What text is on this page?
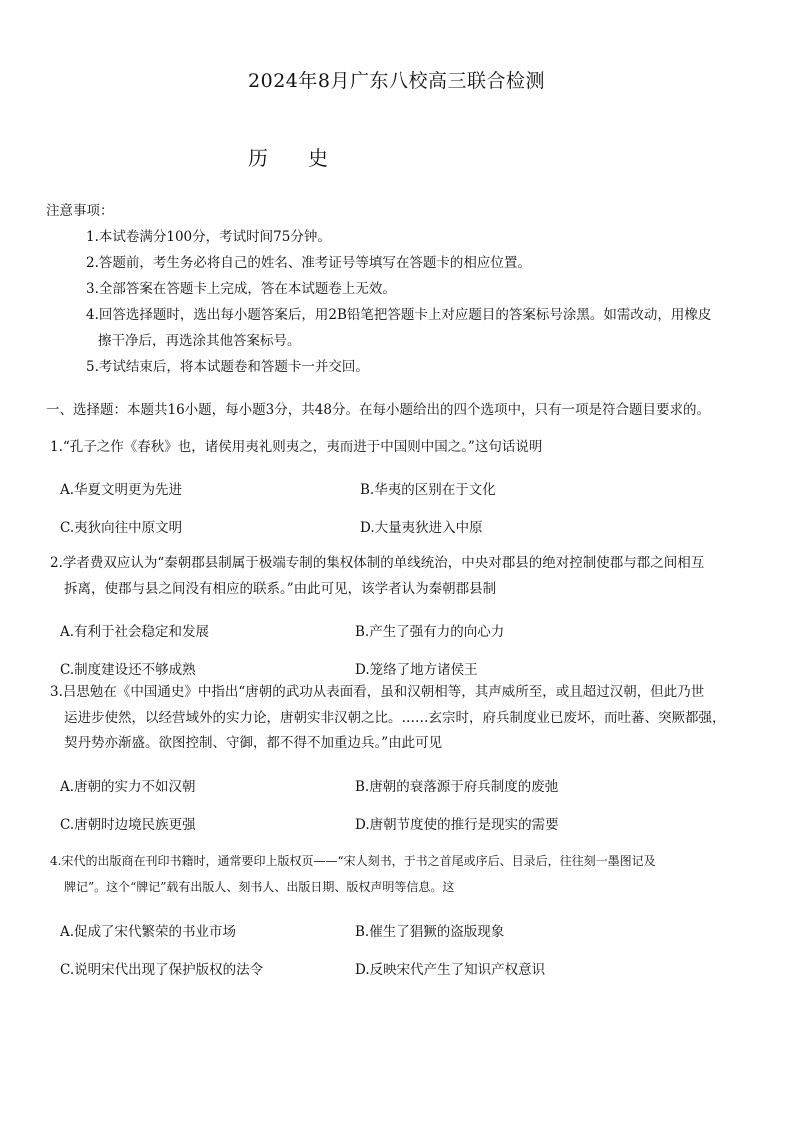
2024年8月广东八校高三联合检测
历史
注意事项：
1.本试卷满分100分，考试时间75分钟。
2.答题前，考生务必将自己的姓名、准考证号等填写在答题卡的相应位置。
3.全部答案在答题卡上完成，答在本试题卷上无效。
4.回答选择题时，选出每小题答案后，用2B铅笔把答题卡上对应题目的答案标号涂黑。如需改动，用橡皮
擦干净后，再选涂其他答案标号。
5.考试结束后，将本试题卷和答题卡一并交回。
一、选择题：本题共16小题，每小题3分，共48分。在每小题给出的四个选项中，只有一项是符合题目要求的。
1.“孔子之作《春秋》也，诸侯用夷礼则夷之，夷而进于中国则中国之。”这句话说明
A.华夏文明更为先进	B.华夷的区别在于文化
C.夷狄向往中原文明	D.大量夷狄进入中原
2.学者费双应认为“秦朝郡县制属于极端专制的集权体制的单线统治，中央对郡县的绝对控制使郡与郡之间相互
拆离，使郡与县之间没有相应的联系。”由此可见，该学者认为秦朝郡县制
A.有利于社会稳定和发展	B.产生了强有力的向心力
C.制度建设还不够成熟	D.笼络了地方诸侯王
3.吕思勉在《中国通史》中指出“唐朝的武功从表面看，虽和汉朝相等，其声威所至，或且超过汉朝，但此乃世
运进步使然，以经营域外的实力论，唐朝实非汉朝之比。……玄宗时，府兵制度业已废坏，而吐蕃、突厥都强，
契丹势亦渐盛。欲图控制、守御，都不得不加重边兵。”由此可见
A.唐朝的实力不如汉朝	B.唐朝的衰落源于府兵制度的废弛
C.唐朝时边境民族更强	D.唐朝节度使的推行是现实的需要
4.宋代的出版商在刊印书籍时，通常要印上版权页——“宋人刻书，于书之首尾或序后、目录后，往往刻一墨图记及
牌记”。这个“牌记”载有出版人、刻书人、出版日期、版权声明等信息。这
A.促成了宋代繁荣的书业市场	B.催生了猖獗的盗版现象
C.说明宋代出现了保护版权的法令	D.反映宋代产生了知识产权意识
